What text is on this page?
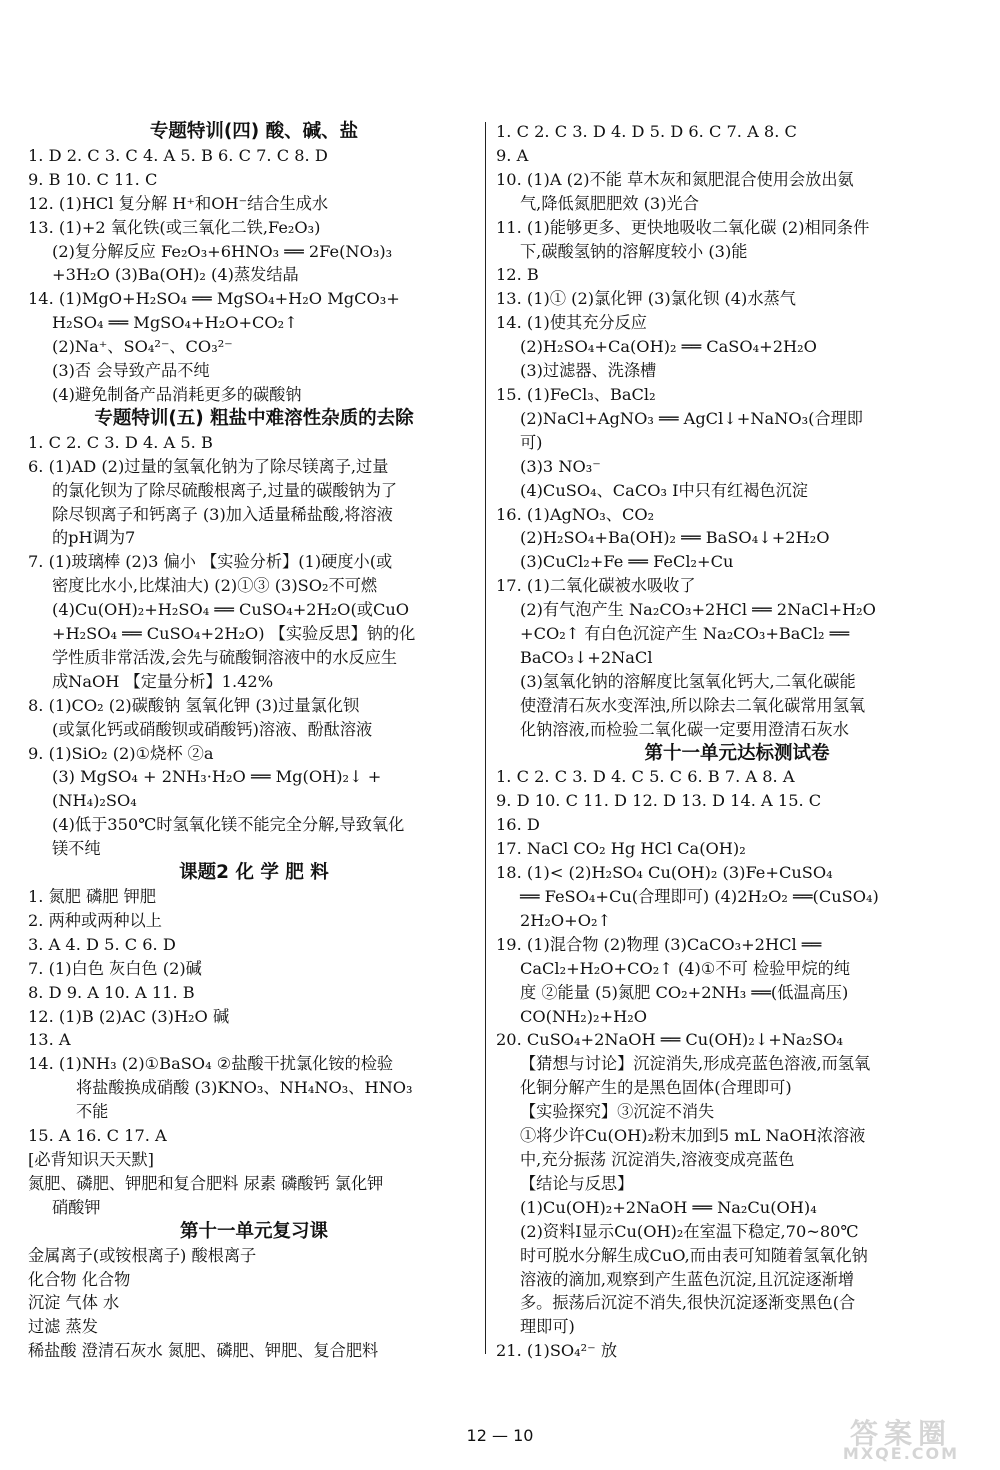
专题特训(四) 酸、碱、盐
1. D 2. C 3. C 4. A 5. B 6. C 7. C 8. D
9. B 10. C 11. C
12. (1)HCl 复分解 H⁺和OH⁻结合生成水
13. (1)+2 氧化铁(或三氧化二铁,Fe₂O₃)
(2)复分解反应 Fe₂O₃+6HNO₃ ══ 2Fe(NO₃)₃
+3H₂O (3)Ba(OH)₂ (4)蒸发结晶
14. (1)MgO+H₂SO₄ ══ MgSO₄+H₂O MgCO₃+
H₂SO₄ ══ MgSO₄+H₂O+CO₂↑
(2)Na⁺、SO₄²⁻、CO₃²⁻
(3)否 会导致产品不纯
(4)避免制备产品消耗更多的碳酸钠
专题特训(五) 粗盐中难溶性杂质的去除
1. C 2. C 3. D 4. A 5. B
6. (1)AD (2)过量的氢氧化钠为了除尽镁离子,过量
的氯化钡为了除尽硫酸根离子,过量的碳酸钠为了
除尽钡离子和钙离子 (3)加入适量稀盐酸,将溶液
的pH调为7
7. (1)玻璃棒 (2)3 偏小 【实验分析】(1)硬度小(或
密度比水小,比煤油大) (2)①③ (3)SO₂不可燃
(4)Cu(OH)₂+H₂SO₄ ══ CuSO₄+2H₂O(或CuO
+H₂SO₄ ══ CuSO₄+2H₂O) 【实验反思】钠的化
学性质非常活泼,会先与硫酸铜溶液中的水反应生
成NaOH 【定量分析】1.42%
8. (1)CO₂ (2)碳酸钠 氢氧化钾 (3)过量氯化钡
(或氯化钙或硝酸钡或硝酸钙)溶液、酚酞溶液
9. (1)SiO₂ (2)①烧杯 ②a
(3) MgSO₄ + 2NH₃·H₂O ══ Mg(OH)₂↓ +
(NH₄)₂SO₄
(4)低于350℃时氢氧化镁不能完全分解,导致氧化
镁不纯
课题2 化 学 肥 料
1. 氮肥 磷肥 钾肥
2. 两种或两种以上
3. A 4. D 5. C 6. D
7. (1)白色 灰白色 (2)碱
8. D 9. A 10. A 11. B
12. (1)B (2)AC (3)H₂O 碱
13. A
14. (1)NH₃ (2)①BaSO₄ ②盐酸干扰氯化铵的检验
将盐酸换成硝酸 (3)KNO₃、NH₄NO₃、HNO₃
不能
15. A 16. C 17. A
[必背知识天天默]
氮肥、磷肥、钾肥和复合肥料 尿素 磷酸钙 氯化钾
硝酸钾
第十一单元复习课
金属离子(或铵根离子) 酸根离子
化合物 化合物
沉淀 气体 水
过滤 蒸发
稀盐酸 澄清石灰水 氮肥、磷肥、钾肥、复合肥料
1. C 2. C 3. D 4. D 5. D 6. C 7. A 8. C
9. A
10. (1)A (2)不能 草木灰和氮肥混合使用会放出氨
气,降低氮肥肥效 (3)光合
11. (1)能够更多、更快地吸收二氧化碳 (2)相同条件
下,碳酸氢钠的溶解度较小 (3)能
12. B
13. (1)① (2)氯化钾 (3)氯化钡 (4)水蒸气
14. (1)使其充分反应
(2)H₂SO₄+Ca(OH)₂ ══ CaSO₄+2H₂O
(3)过滤器、洗涤槽
15. (1)FeCl₃、BaCl₂
(2)NaCl+AgNO₃ ══ AgCl↓+NaNO₃(合理即
可)
(3)3 NO₃⁻
(4)CuSO₄、CaCO₃ Ⅰ中只有红褐色沉淀
16. (1)AgNO₃、CO₂
(2)H₂SO₄+Ba(OH)₂ ══ BaSO₄↓+2H₂O
(3)CuCl₂+Fe ══ FeCl₂+Cu
17. (1)二氧化碳被水吸收了
(2)有气泡产生 Na₂CO₃+2HCl ══ 2NaCl+H₂O
+CO₂↑ 有白色沉淀产生 Na₂CO₃+BaCl₂ ══
BaCO₃↓+2NaCl
(3)氢氧化钠的溶解度比氢氧化钙大,二氧化碳能
使澄清石灰水变浑浊,所以除去二氧化碳常用氢氧
化钠溶液,而检验二氧化碳一定要用澄清石灰水
第十一单元达标测试卷
1. C 2. C 3. D 4. C 5. C 6. B 7. A 8. A
9. D 10. C 11. D 12. D 13. D 14. A 15. C
16. D
17. NaCl CO₂ Hg HCl Ca(OH)₂
18. (1)< (2)H₂SO₄ Cu(OH)₂ (3)Fe+CuSO₄
══ FeSO₄+Cu(合理即可) (4)2H₂O₂ ══(CuSO₄)
2H₂O+O₂↑
19. (1)混合物 (2)物理 (3)CaCO₃+2HCl ══
CaCl₂+H₂O+CO₂↑ (4)①不可 检验甲烷的纯
度 ②能量 (5)氮肥 CO₂+2NH₃ ══(低温高压)
CO(NH₂)₂+H₂O
20. CuSO₄+2NaOH ══ Cu(OH)₂↓+Na₂SO₄
【猜想与讨论】沉淀消失,形成亮蓝色溶液,而氢氧
化铜分解产生的是黑色固体(合理即可)
【实验探究】③沉淀不消失
①将少许Cu(OH)₂粉末加到5 mL NaOH浓溶液
中,充分振荡 沉淀消失,溶液变成亮蓝色
【结论与反思】
(1)Cu(OH)₂+2NaOH ══ Na₂Cu(OH)₄
(2)资料Ⅰ显示Cu(OH)₂在室温下稳定,70~80℃
时可脱水分解生成CuO,而由表可知随着氢氧化钠
溶液的滴加,观察到产生蓝色沉淀,且沉淀逐渐增
多。振荡后沉淀不消失,很快沉淀逐渐变黑色(合
理即可)
21. (1)SO₄²⁻ 放
12 — 10	答案圈
MXQE.COM
